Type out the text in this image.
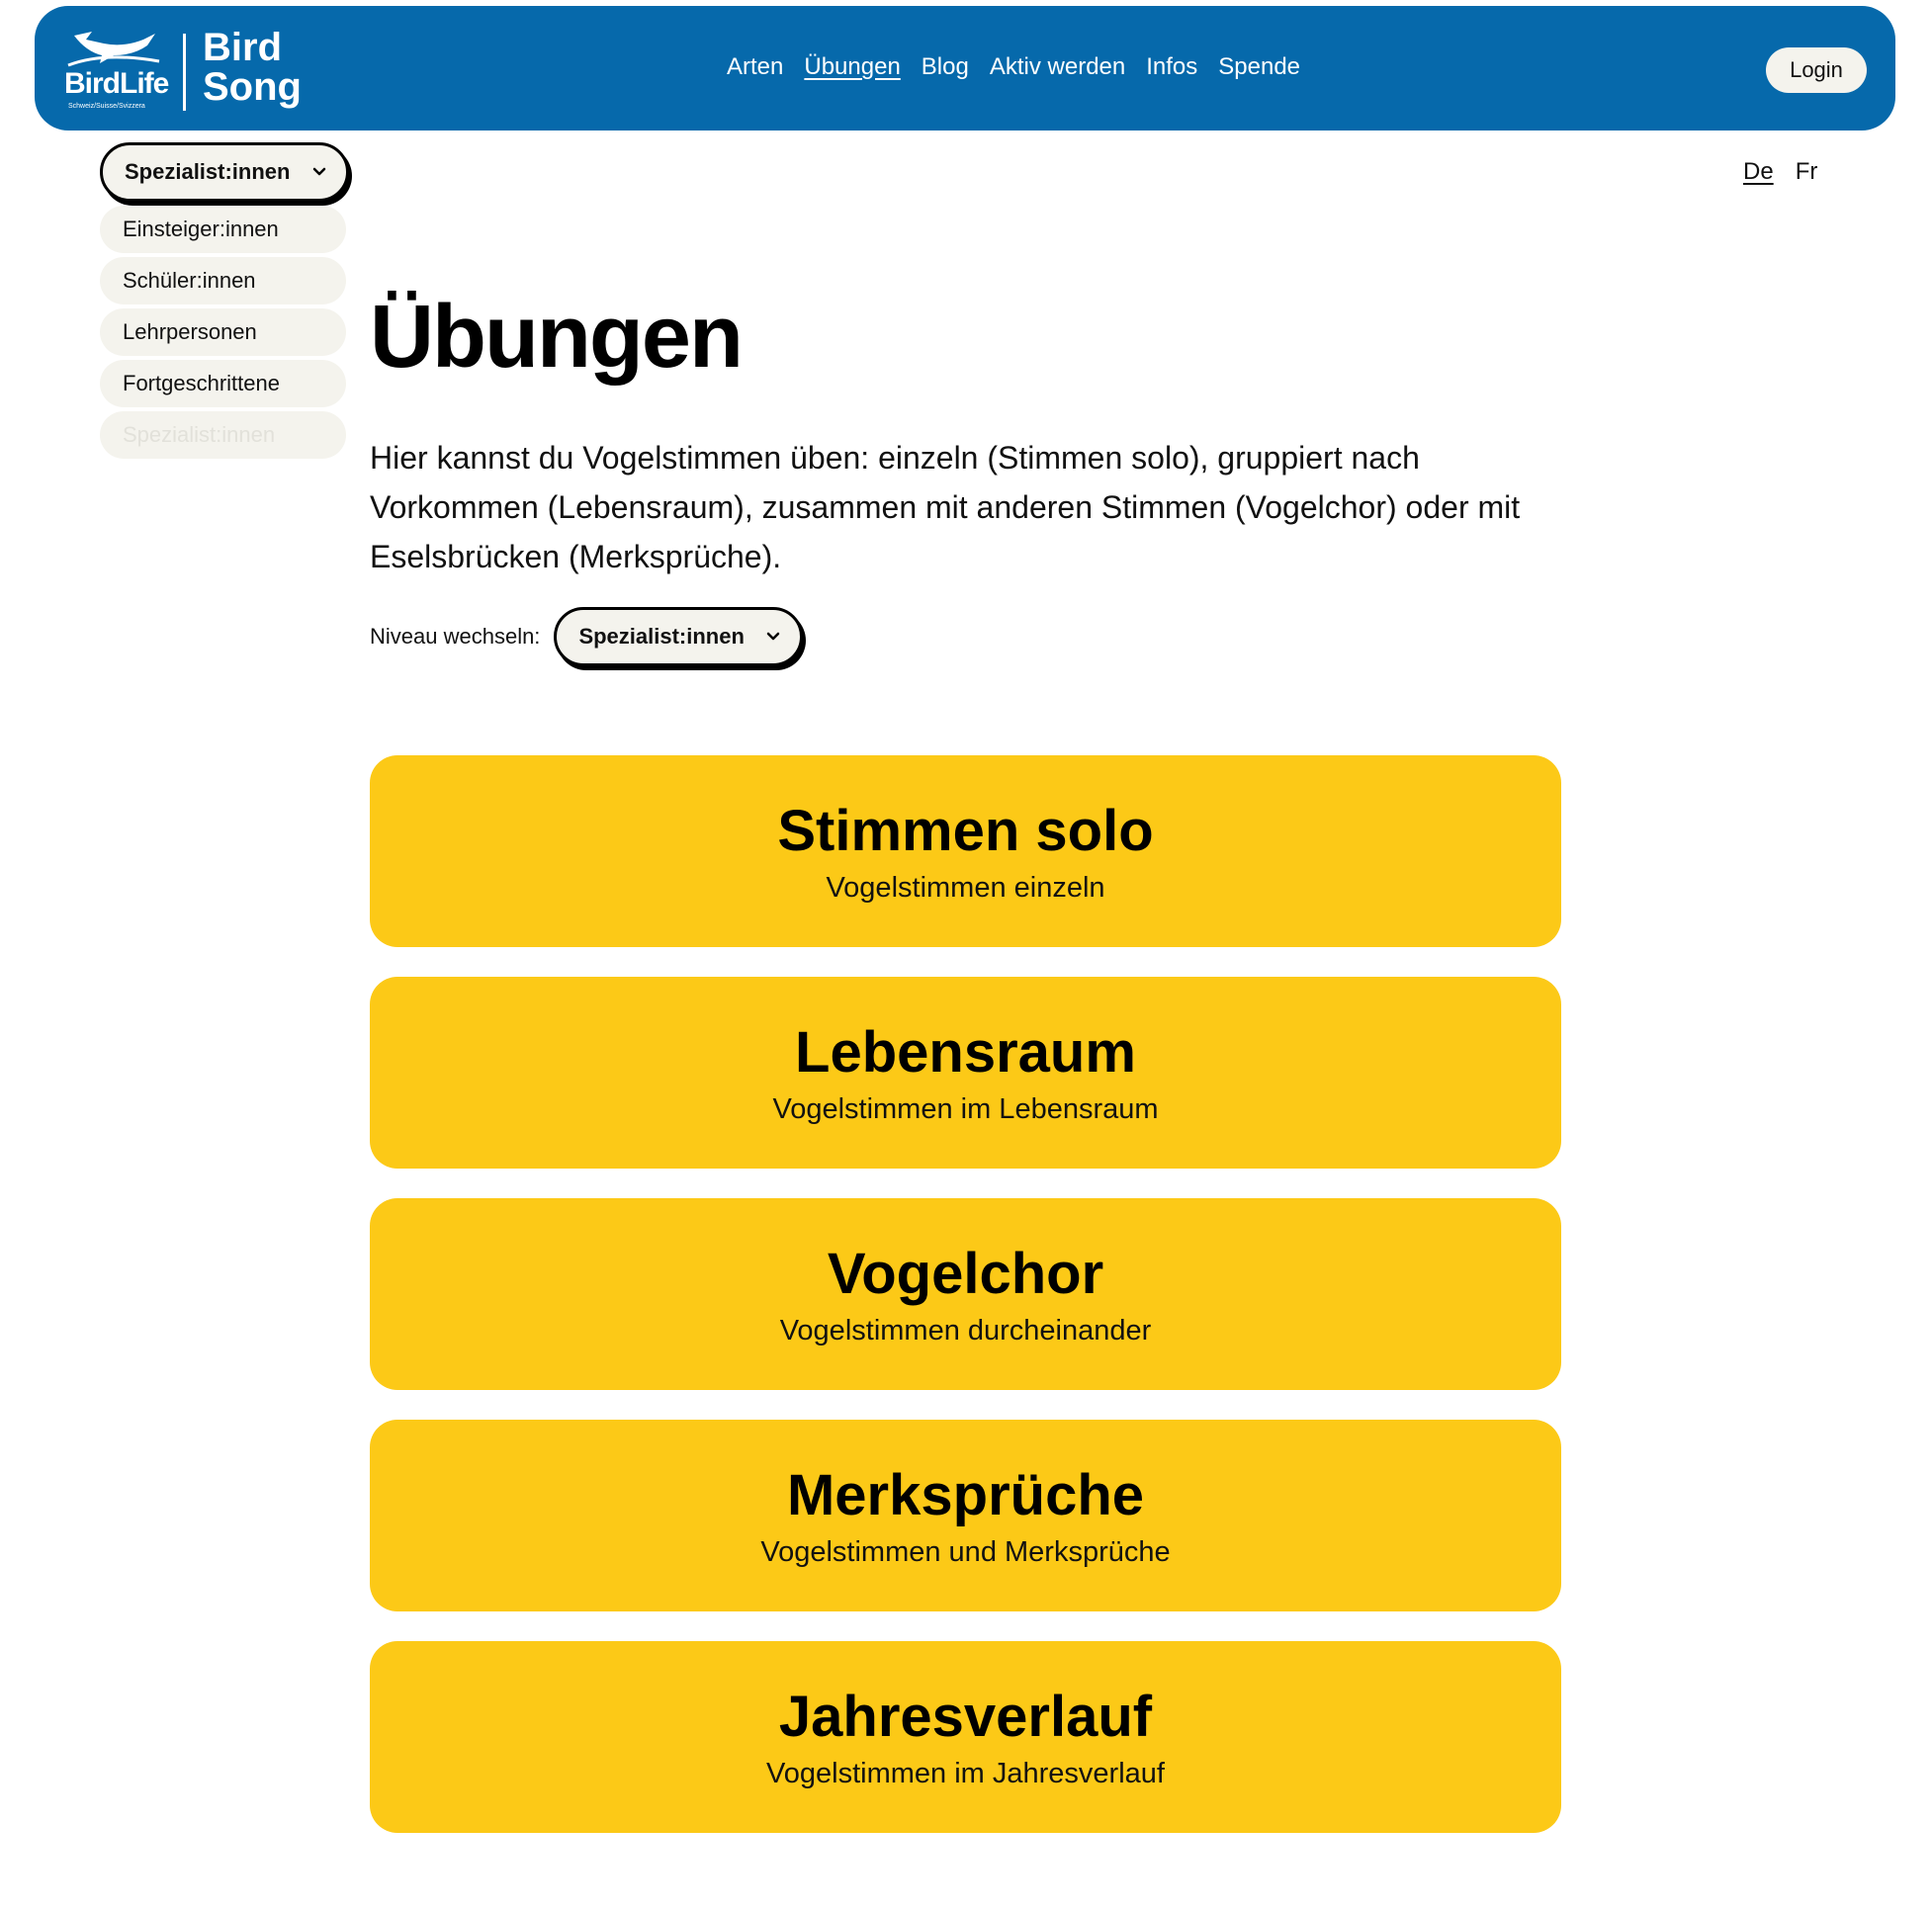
BirdLife
Schweiz/Suisse/Svizzera
Bird
Song	Arten Übungen Blog Aktiv werden Infos Spende	Login
Spezialist:innen
Einsteiger:innen
Schüler:innen
Lehrpersonen
Fortgeschrittene
Spezialist:innen
De Fr
Übungen

Hier kannst du Vogelstimmen üben: einzeln (Stimmen solo), gruppiert nach Vorkommen (Lebensraum), zusammen mit anderen Stimmen (Vogelchor) oder mit Eselsbrücken (Merksprüche).

Niveau wechseln: Spezialist:innen
Stimmen solo
Vogelstimmen einzeln
Lebensraum
Vogelstimmen im Lebensraum
Vogelchor
Vogelstimmen durcheinander
Merksprüche
Vogelstimmen und Merksprüche
Jahresverlauf
Vogelstimmen im Jahresverlauf
